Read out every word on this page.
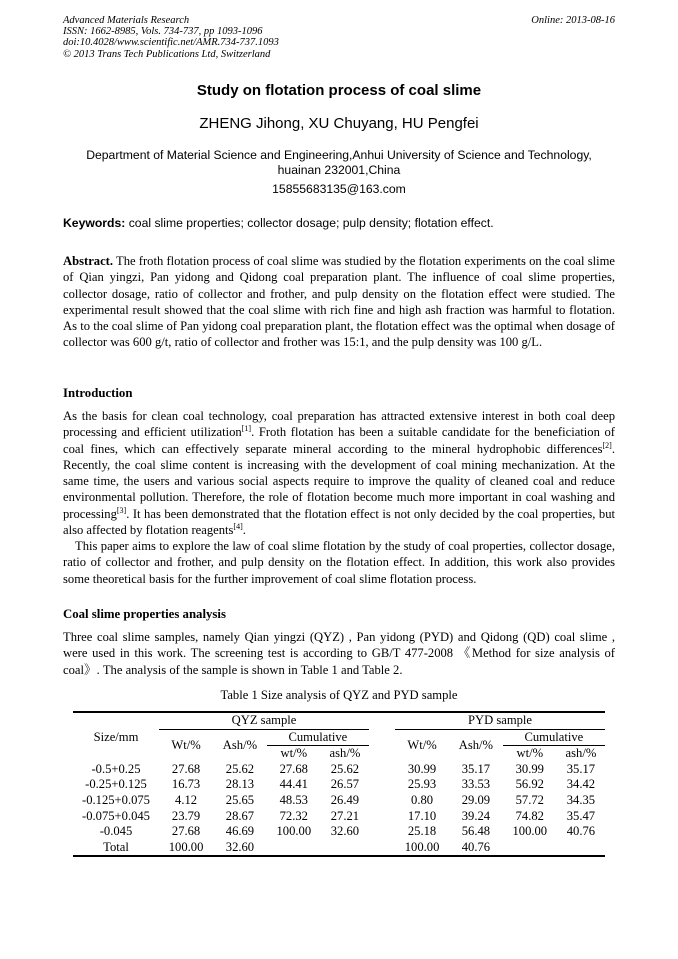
Advanced Materials Research
ISSN: 1662-8985, Vols. 734-737, pp 1093-1096
doi:10.4028/www.scientific.net/AMR.734-737.1093
© 2013 Trans Tech Publications Ltd, Switzerland
Online: 2013-08-16
Study on flotation process of coal slime
ZHENG Jihong, XU Chuyang, HU Pengfei
Department of Material Science and Engineering,Anhui University of Science and Technology,
huainan 232001,China
15855683135@163.com
Keywords: coal slime properties; collector dosage; pulp density; flotation effect.
Abstract. The froth flotation process of coal slime was studied by the flotation experiments on the coal slime of Qian yingzi, Pan yidong and Qidong coal preparation plant. The influence of coal slime properties, collector dosage, ratio of collector and frother, and pulp density on the flotation effect were studied. The experimental result showed that the coal slime with rich fine and high ash fraction was harmful to flotation. As to the coal slime of Pan yidong coal preparation plant, the flotation effect was the optimal when dosage of collector was 600 g/t, ratio of collector and frother was 15:1, and the pulp density was 100 g/L.
Introduction
As the basis for clean coal technology, coal preparation has attracted extensive interest in both coal deep processing and efficient utilization[1]. Froth flotation has been a suitable candidate for the beneficiation of coal fines, which can effectively separate mineral according to the mineral hydrophobic differences[2]. Recently, the coal slime content is increasing with the development of coal mining mechanization. At the same time, the users and various social aspects require to improve the quality of cleaned coal and reduce environmental pollution. Therefore, the role of flotation become much more important in coal washing and processing[3]. It has been demonstrated that the flotation effect is not only decided by the coal properties, but also affected by flotation reagents[4].
This paper aims to explore the law of coal slime flotation by the study of coal properties, collector dosage, ratio of collector and frother, and pulp density on the flotation effect. In addition, this work also provides some theoretical basis for the further improvement of coal slime flotation process.
Coal slime properties analysis
Three coal slime samples, namely Qian yingzi (QYZ) , Pan yidong (PYD) and Qidong (QD) coal slime , were used in this work. The screening test is according to GB/T 477-2008 《Method for size analysis of coal》. The analysis of the sample is shown in Table 1 and Table 2.
Table 1 Size analysis of QYZ and PYD sample
Size/mm	QYZ sample					PYD sample			
	Wt/%	Ash/%	Cumulative			Wt/%	Ash/%	Cumulative	
			wt/%	ash/%				wt/%	ash/%
-0.5+0.25	27.68	25.62	27.68	25.62		30.99	35.17	30.99	35.17
-0.25+0.125	16.73	28.13	44.41	26.57		25.93	33.53	56.92	34.42
-0.125+0.075	4.12	25.65	48.53	26.49		0.80	29.09	57.72	34.35
-0.075+0.045	23.79	28.67	72.32	27.21		17.10	39.24	74.82	35.47
-0.045	27.68	46.69	100.00	32.60		25.18	56.48	100.00	40.76
Total	100.00	32.60				100.00	40.76		
